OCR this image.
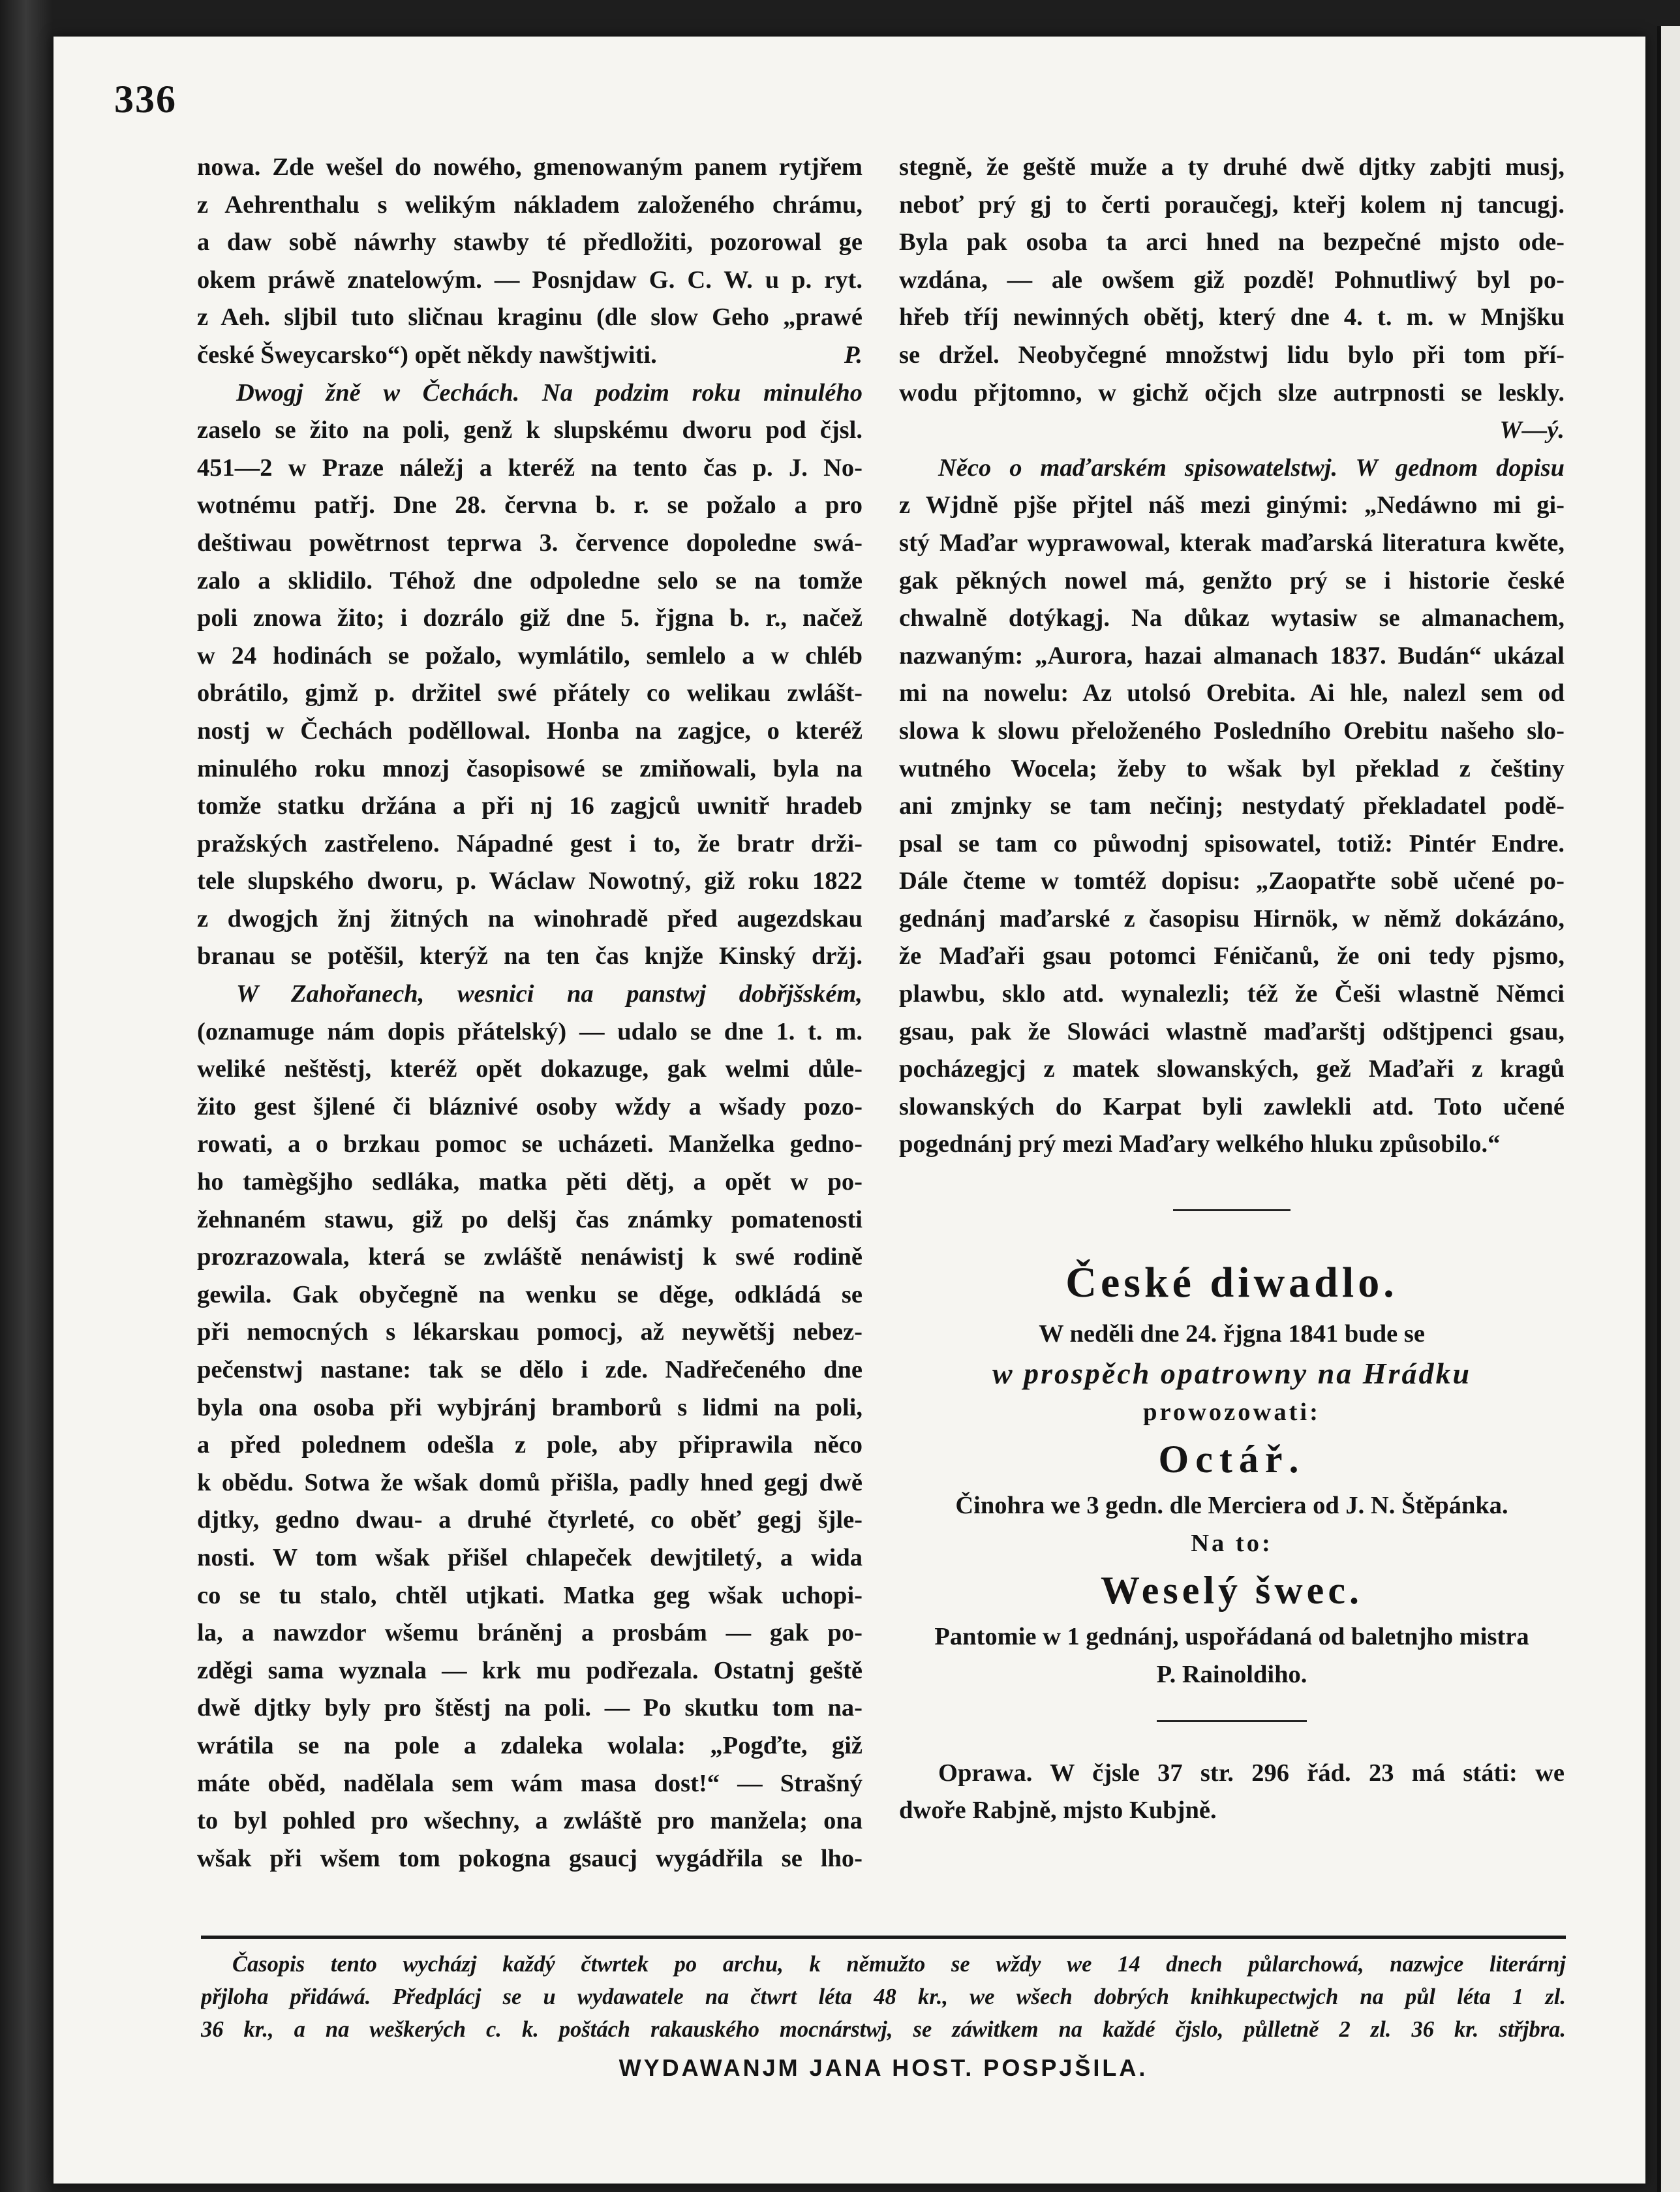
336
nowa. Zde wešel do nowého, gmenowaným panem rytjřem
z Aehrenthalu s welikým nákladem založeného chrámu,
a daw sobě náwrhy stawby té předložiti, pozorowal ge
okem práwě znatelowým. — Posnjdaw G. C. W. u p. ryt.
z Aeh. sljbil tuto sličnau kraginu (dle slow Geho „prawé
české Šweycarsko“) opět někdy nawštjwiti.	P.
Dwogj žně w Čechách. Na podzim roku minulého
zaselo se žito na poli, genž k slupskému dworu pod čjsl.
451—2 w Praze náležj a kteréž na tento čas p. J. No-
wotnému patřj. Dne 28. června b. r. se požalo a pro
deštiwau powětrnost teprwa 3. července dopoledne swá-
zalo a sklidilo. Téhož dne odpoledne selo se na tomže
poli znowa žito; i dozrálo giž dne 5. řjgna b. r., načež
w 24 hodinách se požalo, wymlátilo, semlelo a w chléb
obrátilo, gjmž p. držitel swé přátely co welikau zwlášt-
nostj w Čechách poděllowal. Honba na zagjce, o kteréž
minulého roku mnozj časopisowé se zmiňowali, byla na
tomže statku držána a při nj 16 zagjců uwnitř hradeb
pražských zastřeleno. Nápadné gest i to, že bratr drži-
tele slupského dworu, p. Wáclaw Nowotný, giž roku 1822
z dwogjch žnj žitných na winohradě před augezdskau
branau se potěšil, kterýž na ten čas knjže Kinský držj.
W Zahořanech, wesnici na panstwj dobřjšském,
(oznamuge nám dopis přátelský) — udalo se dne 1. t. m.
weliké neštěstj, kteréž opět dokazuge, gak welmi důle-
žito gest šjlené či bláznivé osoby wždy a wšady pozo-
rowati, a o brzkau pomoc se ucházeti. Manželka gedno-
ho tamègšjho sedláka, matka pěti dětj, a opět w po-
žehnaném stawu, giž po delšj čas známky pomatenosti
prozrazowala, která se zwláště nenáwistj k swé rodině
gewila. Gak obyčegně na wenku se děge, odkládá se
při nemocných s lékarskau pomocj, až neywětšj nebez-
pečenstwj nastane: tak se dělo i zde. Nadřečeného dne
byla ona osoba při wybjránj bramborů s lidmi na poli,
a před polednem odešla z pole, aby připrawila něco
k obědu. Sotwa že wšak domů přišla, padly hned gegj dwě
djtky, gedno dwau- a druhé čtyrleté, co oběť gegj šjle-
nosti. W tom wšak přišel chlapeček dewjtiletý, a wida
co se tu stalo, chtěl utjkati. Matka geg wšak uchopi-
la, a nawzdor wšemu bráněnj a prosbám — gak po-
zděgi sama wyznala — krk mu podřezala. Ostatnj geště
dwě djtky byly pro štěstj na poli. — Po skutku tom na-
wrátila se na pole a zdaleka wolala: „Pogďte, giž
máte oběd, nadělala sem wám masa dost!“ — Strašný
to byl pohled pro wšechny, a zwláště pro manžela; ona
wšak při wšem tom pokogna gsaucj wygádřila se lho-
stegně, že geště muže a ty druhé dwě djtky zabjti musj,
neboť prý gj to čerti poraučegj, kteřj kolem nj tancugj.
Byla pak osoba ta arci hned na bezpečné mjsto ode-
wzdána, — ale owšem giž pozdě! Pohnutliwý byl po-
hřeb tříj newinných obětj, který dne 4. t. m. w Mnjšku
se držel. Neobyčegné množstwj lidu bylo při tom pří-
wodu přjtomno, w gichž očjch slze autrpnosti se leskly.
W—ý.
Něco o maďarském spisowatelstwj. W gednom dopisu
z Wjdně pjše přjtel náš mezi ginými: „Nedáwno mi gi-
stý Maďar wyprawowal, kterak maďarská literatura kwěte,
gak pěkných nowel má, genžto prý se i historie české
chwalně dotýkagj. Na důkaz wytasiw se almanachem,
nazwaným: „Aurora, hazai almanach 1837. Budán“ ukázal
mi na nowelu: Az utolsó Orebita. Ai hle, nalezl sem od
slowa k slowu přeloženého Posledního Orebitu našeho slo-
wutného Wocela; žeby to wšak byl překlad z češtiny
ani zmjnky se tam nečinj; nestydatý překladatel podě-
psal se tam co půwodnj spisowatel, totiž: Pintér Endre.
Dále čteme w tomtéž dopisu: „Zaopatřte sobě učené po-
gednánj maďarské z časopisu Hirnök, w němž dokázáno,
že Maďaři gsau potomci Féničanů, že oni tedy pjsmo,
plawbu, sklo atd. wynalezli; též že Češi wlastně Němci
gsau, pak že Slowáci wlastně maďarštj odštjpenci gsau,
pocházegjcj z matek slowanských, gež Maďaři z kragů
slowanských do Karpat byli zawlekli atd. Toto učené
pogednánj prý mezi Maďary welkého hluku způsobilo.“
České diwadlo.
W neděli dne 24. řjgna 1841 bude se
w prospěch opatrowny na Hrádku
prowozowati:
Octář.
Činohra we 3 gedn. dle Merciera od J. N. Štěpánka.
Na to:
Weselý šwec.
Pantomie w 1 gednánj, uspořádaná od baletnjho mistra
P. Rainoldiho.
Oprawa. W čjsle 37 str. 296 řád. 23 má státi: we
dwoře Rabjně, mjsto Kubjně.
Časopis tento wycházj každý čtwrtek po archu, k němužto se wždy we 14 dnech půlarchowá, nazwjce literárnj
přjloha přidáwá. Předplácj se u wydawatele na čtwrt léta 48 kr., we wšech dobrých knihkupectwjch na půl léta 1 zl.
36 kr., a na weškerých c. k. poštách rakauského mocnárstwj, se záwitkem na každé čjslo, půlletně 2 zl. 36 kr. střjbra.
WYDAWANJM JANA HOST. POSPJŠILA.
